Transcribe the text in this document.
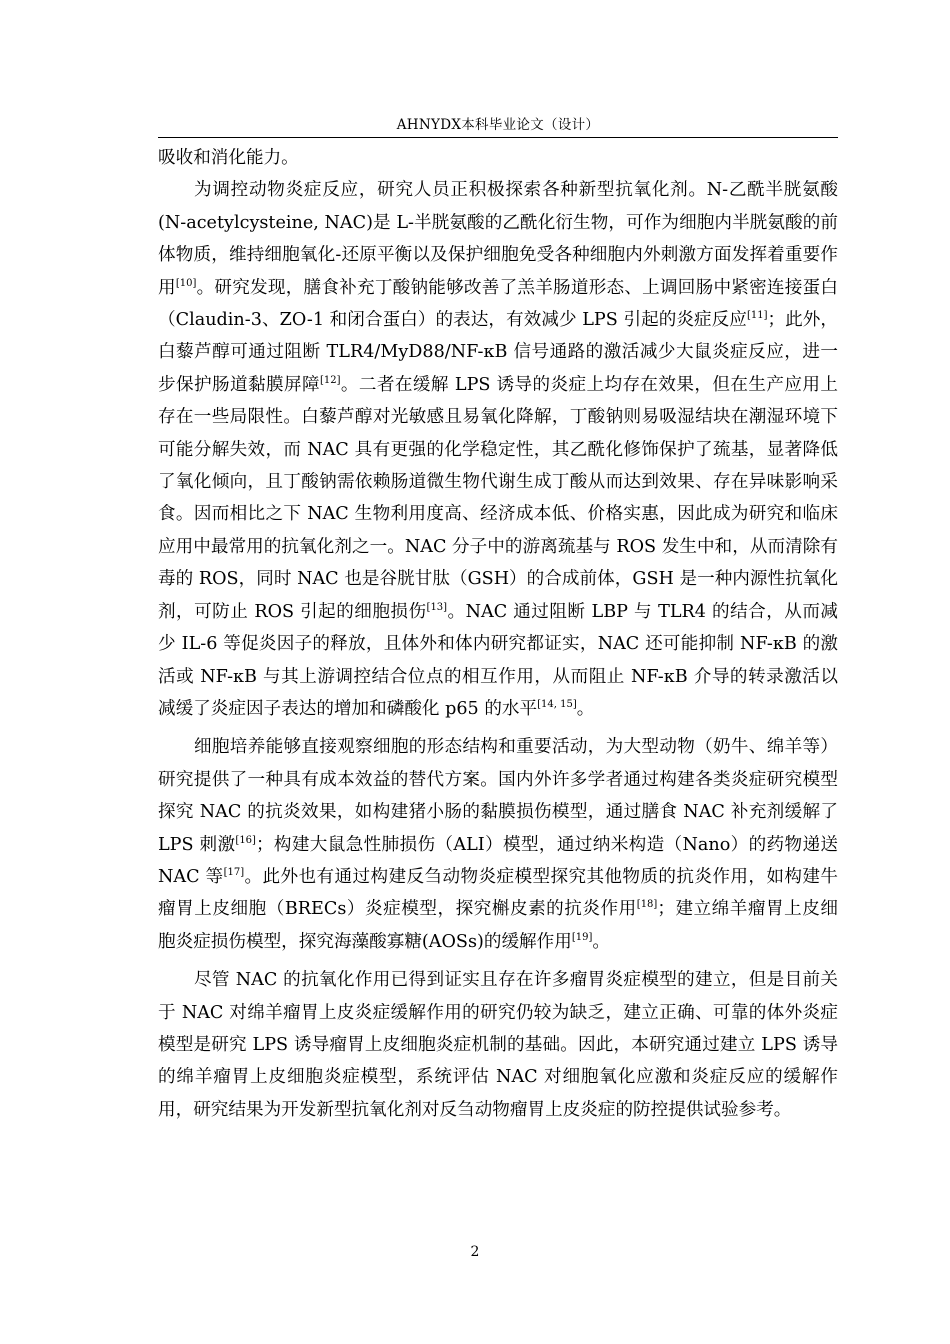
AHNYDX本科毕业论文（设计）

吸收和消化能力。

为调控动物炎症反应，研究人员正积极探索各种新型抗氧化剂。N-乙酰半胱氨酸(N-acetylcysteine, NAC)是 L-半胱氨酸的乙酰化衍生物，可作为细胞内半胱氨酸的前体物质，维持细胞氧化-还原平衡以及保护细胞免受各种细胞内外刺激方面发挥着重要作用[10]。研究发现，膳食补充丁酸钠能够改善了羔羊肠道形态、上调回肠中紧密连接蛋白（Claudin-3、ZO-1 和闭合蛋白）的表达，有效减少 LPS 引起的炎症反应[11]；此外，白藜芦醇可通过阻断 TLR4/MyD88/NF-κB 信号通路的激活减少大鼠炎症反应，进一步保护肠道黏膜屏障[12]。二者在缓解 LPS 诱导的炎症上均存在效果，但在生产应用上存在一些局限性。白藜芦醇对光敏感且易氧化降解，丁酸钠则易吸湿结块在潮湿环境下可能分解失效，而 NAC 具有更强的化学稳定性，其乙酰化修饰保护了巯基，显著降低了氧化倾向，且丁酸钠需依赖肠道微生物代谢生成丁酸从而达到效果、存在异味影响采食。因而相比之下 NAC 生物利用度高、经济成本低、价格实惠，因此成为研究和临床应用中最常用的抗氧化剂之一。NAC 分子中的游离巯基与 ROS 发生中和，从而清除有毒的 ROS，同时 NAC 也是谷胱甘肽（GSH）的合成前体，GSH 是一种内源性抗氧化剂，可防止 ROS 引起的细胞损伤[13]。NAC 通过阻断 LBP 与 TLR4 的结合，从而减少 IL-6 等促炎因子的释放，且体外和体内研究都证实，NAC 还可能抑制 NF-κB 的激活或 NF-κB 与其上游调控结合位点的相互作用，从而阻止 NF-κB 介导的转录激活以减缓了炎症因子表达的增加和磷酸化 p65 的水平[14, 15]。

细胞培养能够直接观察细胞的形态结构和重要活动，为大型动物（奶牛、绵羊等）研究提供了一种具有成本效益的替代方案。国内外许多学者通过构建各类炎症研究模型探究 NAC 的抗炎效果，如构建猪小肠的黏膜损伤模型，通过膳食 NAC 补充剂缓解了 LPS 刺激[16]；构建大鼠急性肺损伤（ALI）模型，通过纳米构造（Nano）的药物递送 NAC 等[17]。此外也有通过构建反刍动物炎症模型探究其他物质的抗炎作用，如构建牛瘤胃上皮细胞（BRECs）炎症模型，探究槲皮素的抗炎作用[18]；建立绵羊瘤胃上皮细胞炎症损伤模型，探究海藻酸寡糖(AOSs)的缓解作用[19]。

尽管 NAC 的抗氧化作用已得到证实且存在许多瘤胃炎症模型的建立，但是目前关于 NAC 对绵羊瘤胃上皮炎症缓解作用的研究仍较为缺乏，建立正确、可靠的体外炎症模型是研究 LPS 诱导瘤胃上皮细胞炎症机制的基础。因此，本研究通过建立 LPS 诱导的绵羊瘤胃上皮细胞炎症模型，系统评估 NAC 对细胞氧化应激和炎症反应的缓解作用，研究结果为开发新型抗氧化剂对反刍动物瘤胃上皮炎症的防控提供试验参考。

2
